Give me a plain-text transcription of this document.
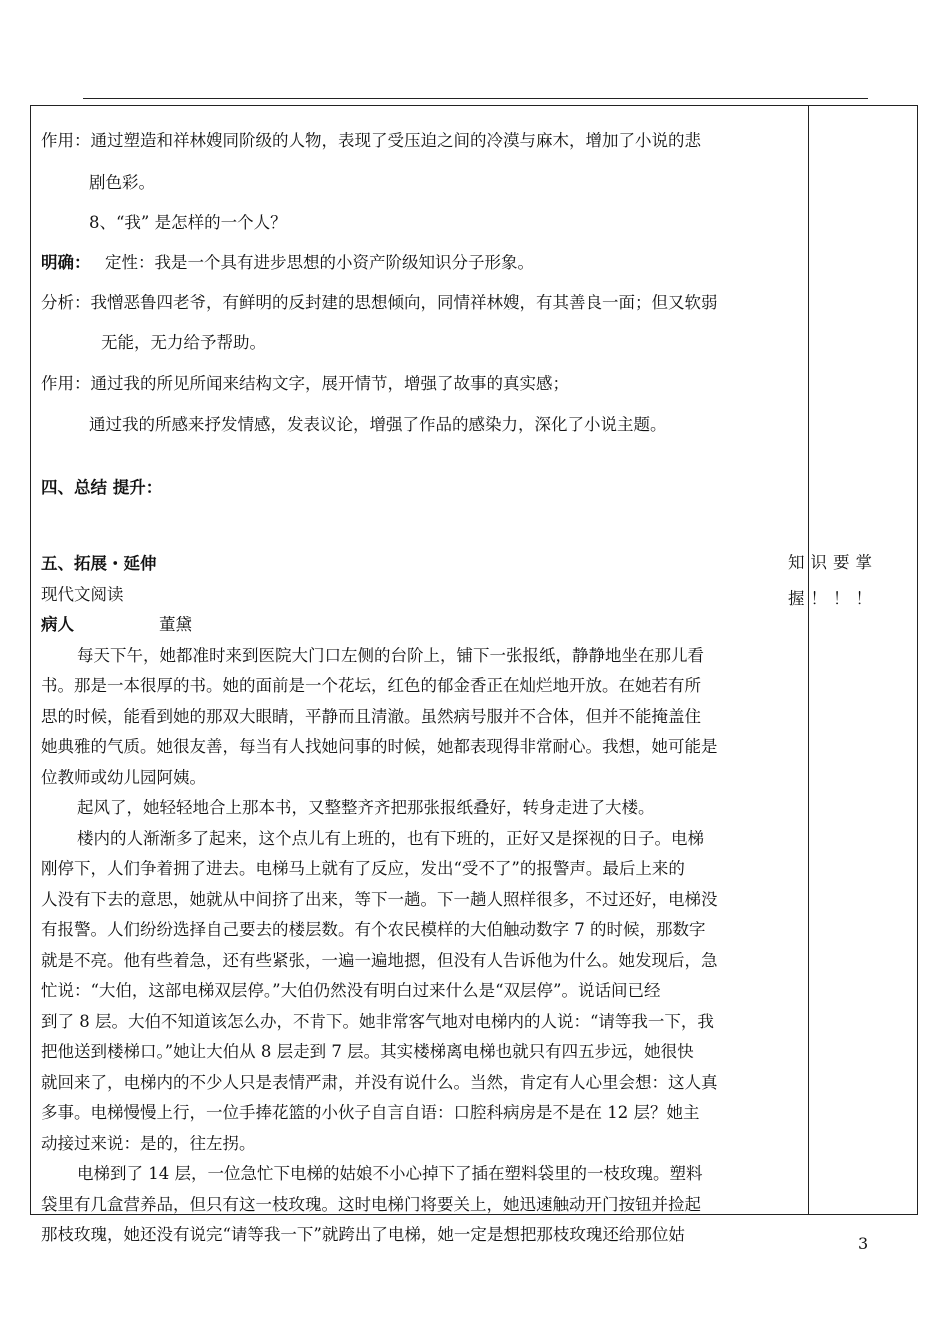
作用：通过塑造和祥林嫂同阶级的人物，表现了受压迫之间的冷漠与麻木，增加了小说的悲
剧色彩。
8、“我” 是怎样的一个人？
明确： 定性：我是一个具有进步思想的小资产阶级知识分子形象。
分析：我憎恶鲁四老爷，有鲜明的反封建的思想倾向，同情祥林嫂，有其善良一面；但又软弱
无能，无力给予帮助。
作用：通过我的所见所闻来结构文字，展开情节，增强了故事的真实感；
通过我的所感来抒发情感，发表议论，增强了作品的感染力，深化了小说主题。
四、总结 提升：
五、拓展・延伸
现代文阅读
病人	董黛
每天下午，她都准时来到医院大门口左侧的台阶上，铺下一张报纸，静静地坐在那儿看
书。那是一本很厚的书。她的面前是一个花坛，红色的郁金香正在灿烂地开放。在她若有所
思的时候，能看到她的那双大眼睛，平静而且清澈。虽然病号服并不合体，但并不能掩盖住
她典雅的气质。她很友善，每当有人找她问事的时候，她都表现得非常耐心。我想，她可能是
位教师或幼儿园阿姨。
起风了，她轻轻地合上那本书，又整整齐齐把那张报纸叠好，转身走进了大楼。
楼内的人渐渐多了起来，这个点儿有上班的，也有下班的，正好又是探视的日子。电梯
刚停下，人们争着拥了进去。电梯马上就有了反应，发出“受不了”的报警声。最后上来的
人没有下去的意思，她就从中间挤了出来，等下一趟。下一趟人照样很多，不过还好，电梯没
有报警。人们纷纷选择自己要去的楼层数。有个农民模样的大伯触动数字 7 的时候，那数字
就是不亮。他有些着急，还有些紧张，一遍一遍地摁，但没有人告诉他为什么。她发现后，急
忙说：“大伯，这部电梯双层停。”大伯仍然没有明白过来什么是“双层停”。说话间已经
到了 8 层。大伯不知道该怎么办，不肯下。她非常客气地对电梯内的人说：“请等我一下，我
把他送到楼梯口。”她让大伯从 8 层走到 7 层。其实楼梯离电梯也就只有四五步远，她很快
就回来了，电梯内的不少人只是表情严肃，并没有说什么。当然，肯定有人心里会想：这人真
多事。电梯慢慢上行，一位手捧花篮的小伙子自言自语：口腔科病房是不是在 12 层？她主
动接过来说：是的，往左拐。
电梯到了 14 层，一位急忙下电梯的姑娘不小心掉下了插在塑料袋里的一枝玫瑰。塑料
袋里有几盒营养品，但只有这一枝玫瑰。这时电梯门将要关上，她迅速触动开门按钮并捡起
那枝玫瑰，她还没有说完“请等我一下”就跨出了电梯，她一定是想把那枝玫瑰还给那位姑
知识要掌
握！！！
3
